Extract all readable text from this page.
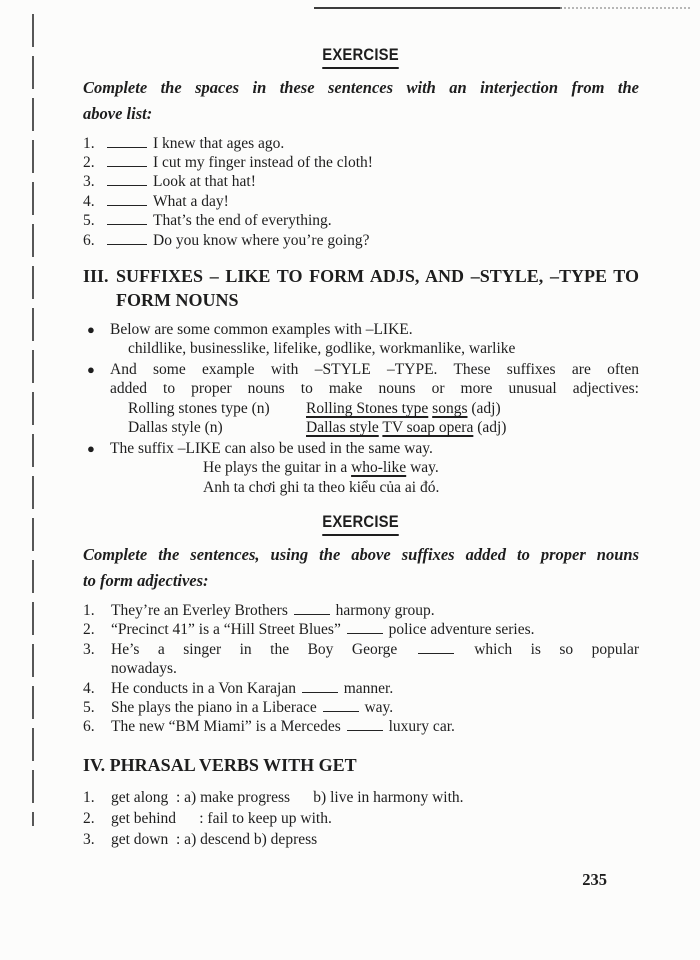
EXERCISE

Complete the spaces in these sentences with an interjection from the
above list:

1.	I knew that ages ago.
2.	I cut my finger instead of the cloth!
3.	Look at that hat!
4.	What a day!
5.	That’s the end of everything.
6.	Do you know where you’re going?
III. SUFFIXES – LIKE TO FORM ADJS, AND –STYLE, –TYPE TO
FORM NOUNS
● Below are some common examples with –LIKE.
childlike, businesslike, lifelike, godlike, workmanlike, warlike
● And some example with –STYLE –TYPE. These suffixes are often
added to proper nouns to make nouns or more unusual adjectives:
Rolling stones type (n)	Rolling Stones type songs (adj)
Dallas style (n)	Dallas style TV soap opera (adj)
● The suffix –LIKE can also be used in the same way.
He plays the guitar in a who-like way.
Anh ta chơi ghi ta theo kiểu của ai đó.
EXERCISE

Complete the sentences, using the above suffixes added to proper nouns
to form adjectives:

1.	They’re an Everley Brothers	harmony group.
2.	“Precinct 41” is a “Hill Street Blues”	police adventure series.
3.	He’s a singer in the Boy George	which is so popular
nowadays.
4.	He conducts in a Von Karajan	manner.
5.	She plays the piano in a Liberace	way.
6.	The new “BM Miami” is a Mercedes	luxury car.
IV. PHRASAL VERBS WITH GET
1.	get along  : a) make progress      b) live in harmony with.
2.	get behind      : fail to keep up with.
3.	get down  : a) descend b) depress
235
